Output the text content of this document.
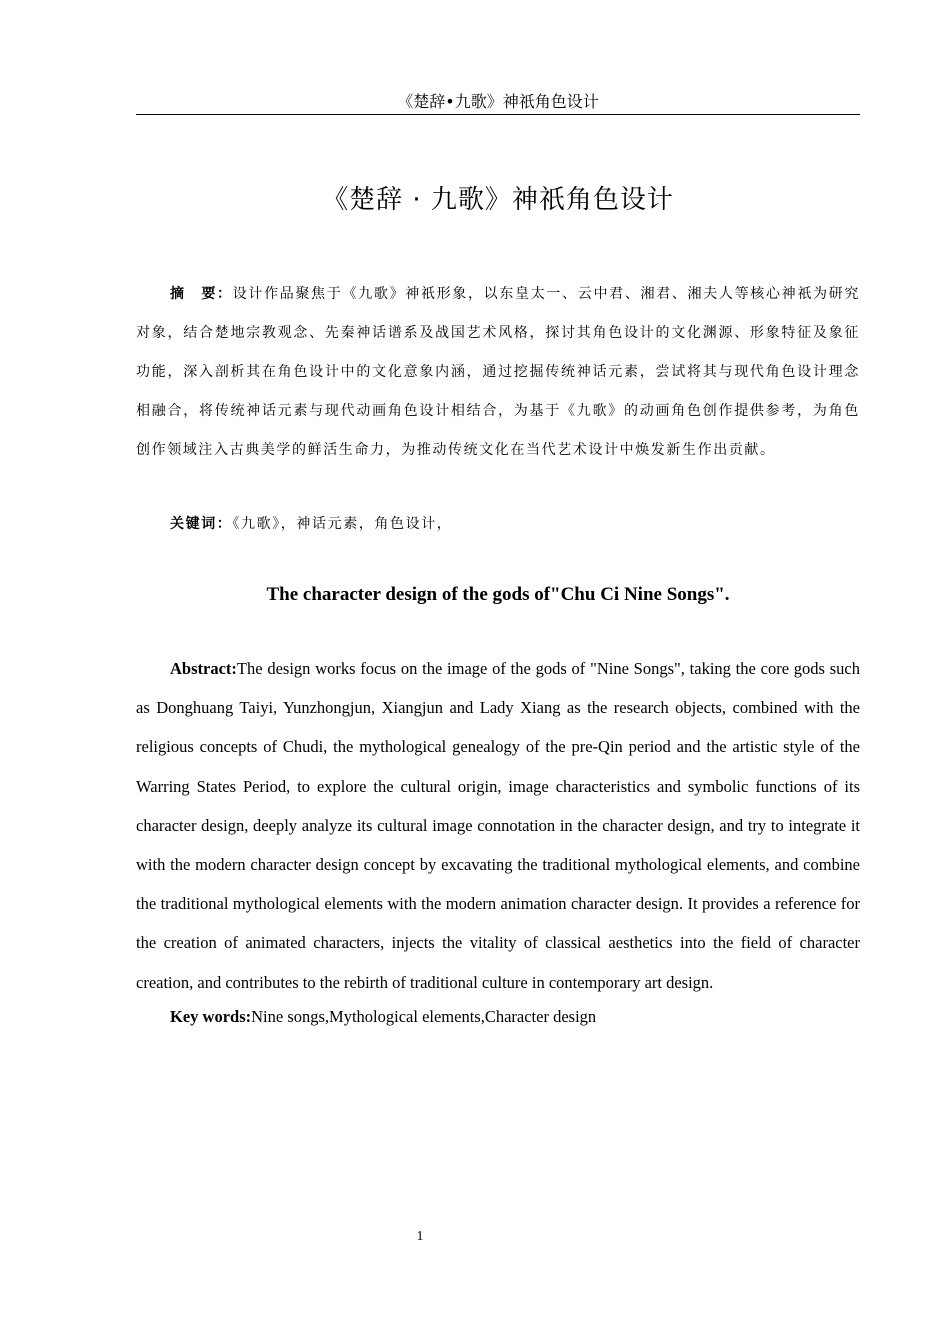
《楚辞•九歌》神祇角色设计
《楚辞 · 九歌》神祇角色设计

摘　要：设计作品聚焦于《九歌》神祇形象，以东皇太一、云中君、湘君、湘夫人等核心神祇为研究对象，结合楚地宗教观念、先秦神话谱系及战国艺术风格，探讨其角色设计的文化渊源、形象特征及象征功能，深入剖析其在角色设计中的文化意象内涵，通过挖掘传统神话元素，尝试将其与现代角色设计理念相融合，将传统神话元素与现代动画角色设计相结合，为基于《九歌》的动画角色创作提供参考，为角色创作领域注入古典美学的鲜活生命力，为推动传统文化在当代艺术设计中焕发新生作出贡献。

关键词：《九歌》，神话元素，角色设计，

The character design of the gods of"Chu Ci Nine Songs".

Abstract:The design works focus on the image of the gods of "Nine Songs", taking the core gods such as Donghuang Taiyi, Yunzhongjun, Xiangjun and Lady Xiang as the research objects, combined with the religious concepts of Chudi, the mythological genealogy of the pre-Qin period and the artistic style of the Warring States Period, to explore the cultural origin, image characteristics and symbolic functions of its character design, deeply analyze its cultural image connotation in the character design, and try to integrate it with the modern character design concept by excavating the traditional mythological elements, and combine the traditional mythological elements with the modern animation character design. It provides a reference for the creation of animated characters, injects the vitality of classical aesthetics into the field of character creation, and contributes to the rebirth of traditional culture in contemporary art design.

Key words:Nine songs,Mythological elements,Character design

1
